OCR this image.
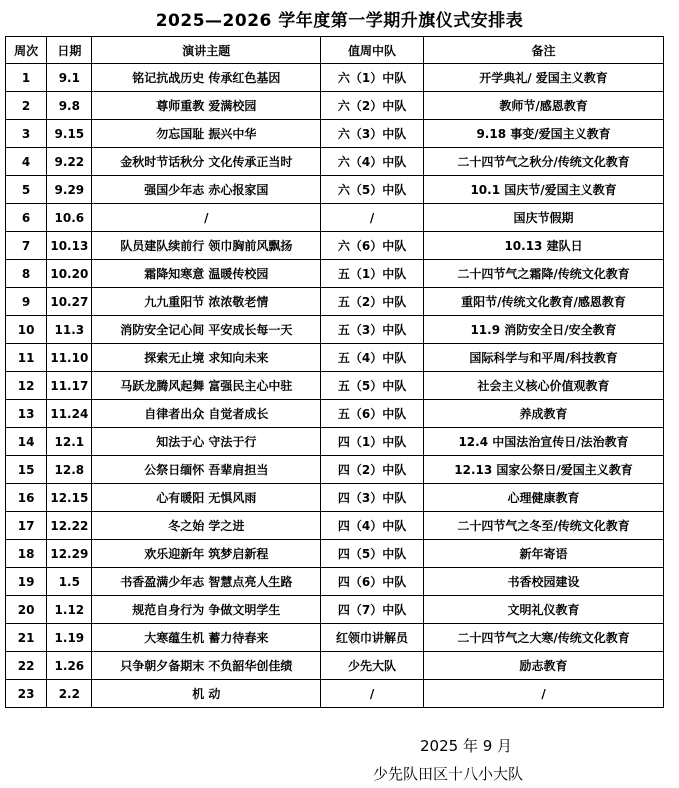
2025—2026 学年度第一学期升旗仪式安排表
周次	日期	演讲主题	值周中队	备注
1	9.1	铭记抗战历史 传承红色基因	六（1）中队	开学典礼/ 爱国主义教育
2	9.8	尊师重教 爱满校园	六（2）中队	教师节/感恩教育
3	9.15	勿忘国耻 振兴中华	六（3）中队	9.18 事变/爱国主义教育
4	9.22	金秋时节话秋分 文化传承正当时	六（4）中队	二十四节气之秋分/传统文化教育
5	9.29	强国少年志 赤心报家国	六（5）中队	10.1 国庆节/爱国主义教育
6	10.6	/	/	国庆节假期
7	10.13	队员建队续前行 领巾胸前风飘扬	六（6）中队	10.13 建队日
8	10.20	霜降知寒意 温暖传校园	五（1）中队	二十四节气之霜降/传统文化教育
9	10.27	九九重阳节 浓浓敬老情	五（2）中队	重阳节/传统文化教育/感恩教育
10	11.3	消防安全记心间 平安成长每一天	五（3）中队	11.9 消防安全日/安全教育
11	11.10	探索无止境 求知向未来	五（4）中队	国际科学与和平周/科技教育
12	11.17	马跃龙腾风起舞 富强民主心中驻	五（5）中队	社会主义核心价值观教育
13	11.24	自律者出众 自觉者成长	五（6）中队	养成教育
14	12.1	知法于心 守法于行	四（1）中队	12.4 中国法治宣传日/法治教育
15	12.8	公祭日缅怀 吾辈肩担当	四（2）中队	12.13 国家公祭日/爱国主义教育
16	12.15	心有暖阳 无惧风雨	四（3）中队	心理健康教育
17	12.22	冬之始 学之进	四（4）中队	二十四节气之冬至/传统文化教育
18	12.29	欢乐迎新年 筑梦启新程	四（5）中队	新年寄语
19	1.5	书香盈满少年志 智慧点亮人生路	四（6）中队	书香校园建设
20	1.12	规范自身行为 争做文明学生	四（7）中队	文明礼仪教育
21	1.19	大寒蕴生机 蓄力待春来	红领巾讲解员	二十四节气之大寒/传统文化教育
22	1.26	只争朝夕备期末 不负韶华创佳绩	少先大队	励志教育
23	2.2	机 动	/	/
2025 年 9 月
少先队田区十八小大队
